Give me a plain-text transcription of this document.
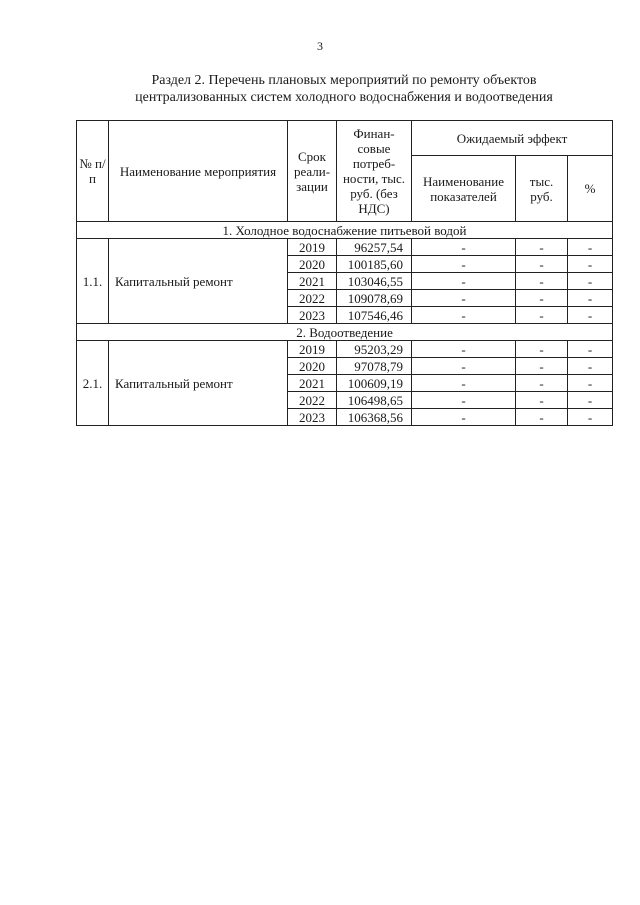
3
Раздел 2. Перечень плановых мероприятий по ремонту объектов
централизованных систем холодного водоснабжения и водоотведения
№ п/п	Наименование мероприятия	Срок реали-зации	Финан-совые потреб-ности, тыс. руб. (без НДС)	Ожидаемый эффект		
				Наименование показателей	тыс. руб.	%
1. Холодное водоснабжение питьевой водой						
1.1.	Капитальный ремонт	2019	96257,54	-	-	-
		2020	100185,60	-	-	-
		2021	103046,55	-	-	-
		2022	109078,69	-	-	-
		2023	107546,46	-	-	-
2. Водоотведение						
2.1.	Капитальный ремонт	2019	95203,29	-	-	-
		2020	97078,79	-	-	-
		2021	100609,19	-	-	-
		2022	106498,65	-	-	-
		2023	106368,56	-	-	-
